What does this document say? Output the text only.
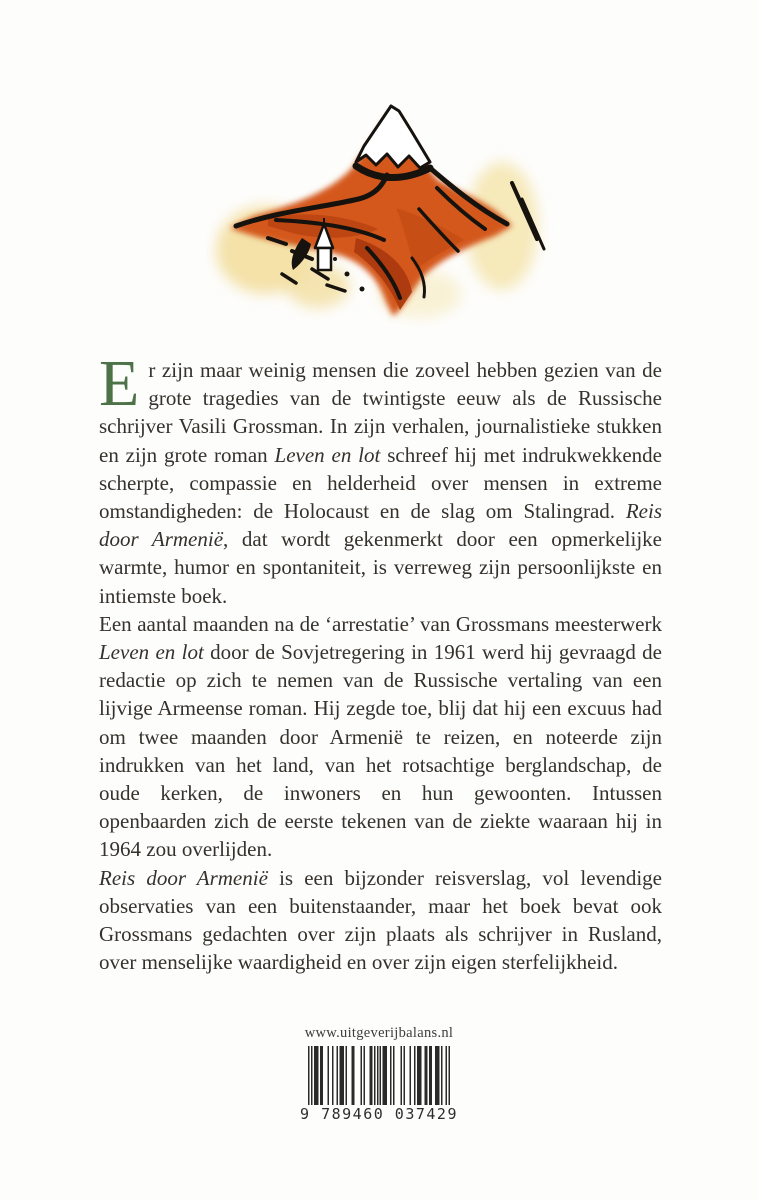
Er zijn maar weinig mensen die zoveel hebben gezien van de grote tragedies van de twintigste eeuw als de Russische schrijver Vasili Grossman. In zijn verhalen, journalistieke stukken en zijn grote roman Leven en lot schreef hij met indrukwekkende scherpte, compassie en helderheid over mensen in extreme omstandigheden: de Holocaust en de slag om Stalingrad. Reis door Armenië, dat wordt gekenmerkt door een opmerkelijke warmte, humor en spontaniteit, is verreweg zijn persoonlijkste en intiemste boek.

Een aantal maanden na de ‘arrestatie’ van Grossmans meesterwerk Leven en lot door de Sovjetregering in 1961 werd hij gevraagd de redactie op zich te nemen van de Russische vertaling van een lijvige Armeense roman. Hij zegde toe, blij dat hij een excuus had om twee maanden door Armenië te reizen, en noteerde zijn indrukken van het land, van het rotsachtige berglandschap, de oude kerken, de inwoners en hun gewoonten. Intussen openbaarden zich de eerste tekenen van de ziekte waaraan hij in 1964 zou overlijden.

Reis door Armenië is een bijzonder reisverslag, vol levendige observaties van een buitenstaander, maar het boek bevat ook Grossmans gedachten over zijn plaats als schrijver in Rusland, over menselijke waardigheid en over zijn eigen sterfelijkheid.

www.uitgeverijbalans.nl
9 789460 037429
